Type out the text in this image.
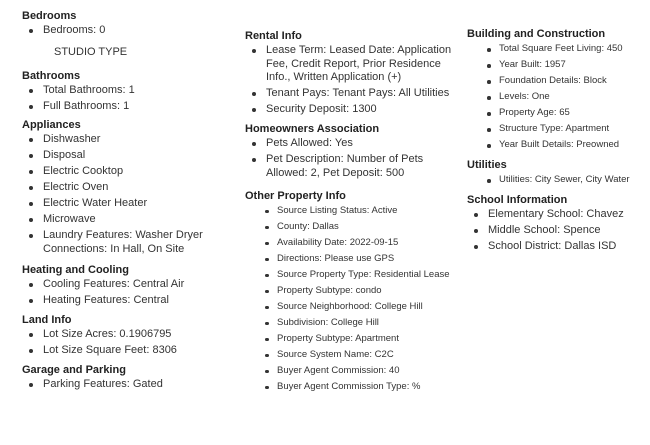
Bedrooms
Bedrooms: 0
STUDIO TYPE
Bathrooms
Total Bathrooms: 1
Full Bathrooms: 1
Appliances
Dishwasher
Disposal
Electric Cooktop
Electric Oven
Electric Water Heater
Microwave
Laundry Features: Washer Dryer Connections: In Hall, On Site
Heating and Cooling
Cooling Features: Central Air
Heating Features: Central
Land Info
Lot Size Acres: 0.1906795
Lot Size Square Feet: 8306
Garage and Parking
Parking Features: Gated
Rental Info
Lease Term: Leased Date: Application Fee, Credit Report, Prior Residence Info., Written Application (+)
Tenant Pays: Tenant Pays: All Utilities
Security Deposit: 1300
Homeowners Association
Pets Allowed: Yes
Pet Description: Number of Pets Allowed: 2, Pet Deposit: 500
Other Property Info
Source Listing Status: Active
County: Dallas
Availability Date: 2022-09-15
Directions: Please use GPS
Source Property Type: Residential Lease
Property Subtype: condo
Source Neighborhood: College Hill
Subdivision: College Hill
Property Subtype: Apartment
Source System Name: C2C
Buyer Agent Commission: 40
Buyer Agent Commission Type: %
Building and Construction
Total Square Feet Living: 450
Year Built: 1957
Foundation Details: Block
Levels: One
Property Age: 65
Structure Type: Apartment
Year Built Details: Preowned
Utilities
Utilities: City Sewer, City Water
School Information
Elementary School: Chavez
Middle School: Spence
School District: Dallas ISD
